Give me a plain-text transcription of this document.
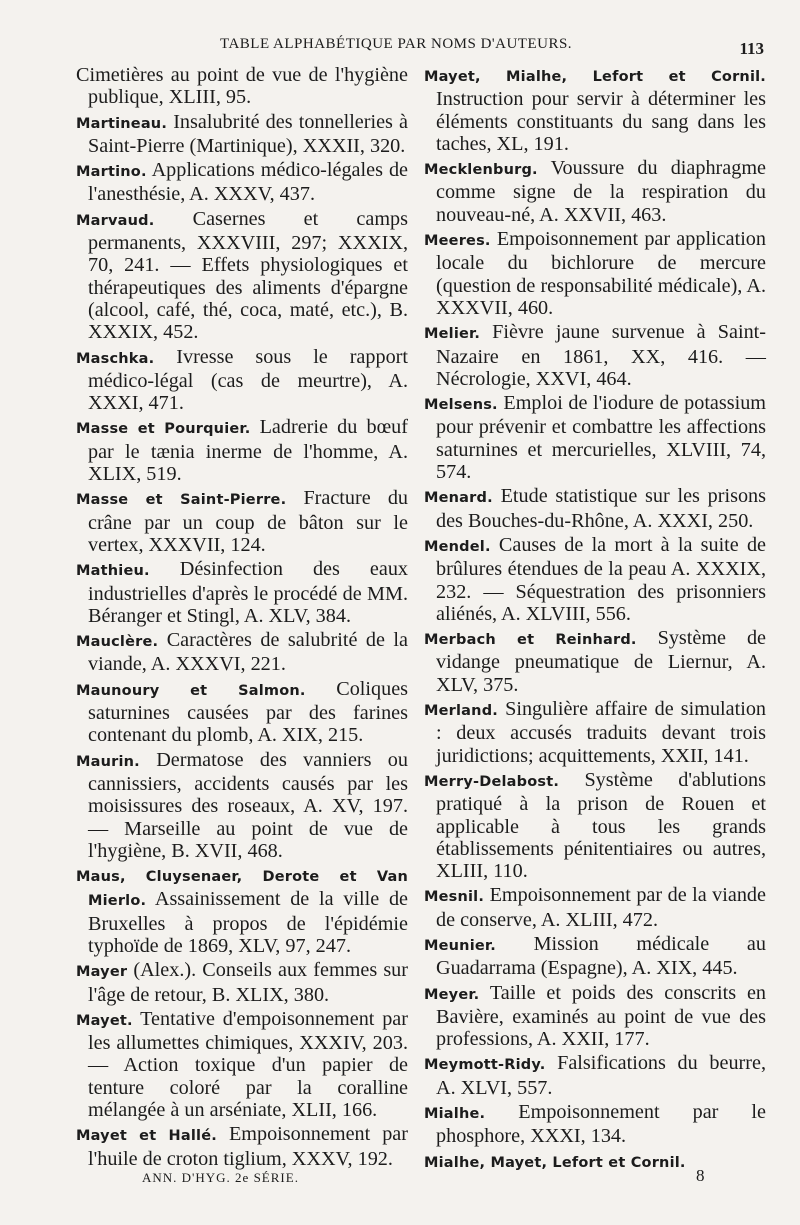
TABLE ALPHABÉTIQUE PAR NOMS D'AUTEURS.	113

Cimetières au point de vue de l'hygiène publique, XLIII, 95.

Martineau. Insalubrité des tonnelleries à Saint-Pierre (Martinique), XXXII, 320.

Martino. Applications médico-légales de l'anesthésie, A. XXXV, 437.

Marvaud. Casernes et camps permanents, XXXVIII, 297; XXXIX, 70, 241. — Effets physiologiques et thérapeutiques des aliments d'épargne (alcool, café, thé, coca, maté, etc.), B. XXXIX, 452.

Maschka. Ivresse sous le rapport médico-légal (cas de meurtre), A. XXXI, 471.

Masse et Pourquier. Ladrerie du bœuf par le tænia inerme de l'homme, A. XLIX, 519.

Masse et Saint-Pierre. Fracture du crâne par un coup de bâton sur le vertex, XXXVII, 124.

Mathieu. Désinfection des eaux industrielles d'après le procédé de MM. Béranger et Stingl, A. XLV, 384.

Mauclère. Caractères de salubrité de la viande, A. XXXVI, 221.

Maunoury et Salmon. Coliques saturnines causées par des farines contenant du plomb, A. XIX, 215.

Maurin. Dermatose des vanniers ou cannissiers, accidents causés par les moisissures des roseaux, A. XV, 197. — Marseille au point de vue de l'hygiène, B. XVII, 468.

Maus, Cluysenaer, Derote et Van Mierlo. Assainissement de la ville de Bruxelles à propos de l'épidémie typhoïde de 1869, XLV, 97, 247.

Mayer (Alex.). Conseils aux femmes sur l'âge de retour, B. XLIX, 380.

Mayet. Tentative d'empoisonnement par les allumettes chimiques, XXXIV, 203. — Action toxique d'un papier de tenture coloré par la coralline mélangée à un arséniate, XLII, 166.

Mayet et Hallé. Empoisonnement par l'huile de croton tiglium, XXXV, 192.

Mayet, Mialhe, Lefort et Cornil. Instruction pour servir à déterminer les éléments constituants du sang dans les taches, XL, 191.

Mecklenburg. Voussure du diaphragme comme signe de la respiration du nouveau-né, A. XXVII, 463.

Meeres. Empoisonnement par application locale du bichlorure de mercure (question de responsabilité médicale), A. XXXVII, 460.

Melier. Fièvre jaune survenue à Saint-Nazaire en 1861, XX, 416. — Nécrologie, XXVI, 464.

Melsens. Emploi de l'iodure de potassium pour prévenir et combattre les affections saturnines et mercurielles, XLVIII, 74, 574.

Menard. Etude statistique sur les prisons des Bouches-du-Rhône, A. XXXI, 250.

Mendel. Causes de la mort à la suite de brûlures étendues de la peau A. XXXIX, 232. — Séquestration des prisonniers aliénés, A. XLVIII, 556.

Merbach et Reinhard. Système de vidange pneumatique de Liernur, A. XLV, 375.

Merland. Singulière affaire de simulation : deux accusés traduits devant trois juridictions; acquittements, XXII, 141.

Merry-Delabost. Système d'ablutions pratiqué à la prison de Rouen et applicable à tous les grands établissements pénitentiaires ou autres, XLIII, 110.

Mesnil. Empoisonnement par de la viande de conserve, A. XLIII, 472.

Meunier. Mission médicale au Guadarrama (Espagne), A. XIX, 445.

Meyer. Taille et poids des conscrits en Bavière, examinés au point de vue des professions, A. XXII, 177.

Meymott-Ridy. Falsifications du beurre, A. XLVI, 557.

Mialhe. Empoisonnement par le phosphore, XXXI, 134.

Mialhe, Mayet, Lefort et Cornil.

ANN. D'HYG. 2e SÉRIE.	8
